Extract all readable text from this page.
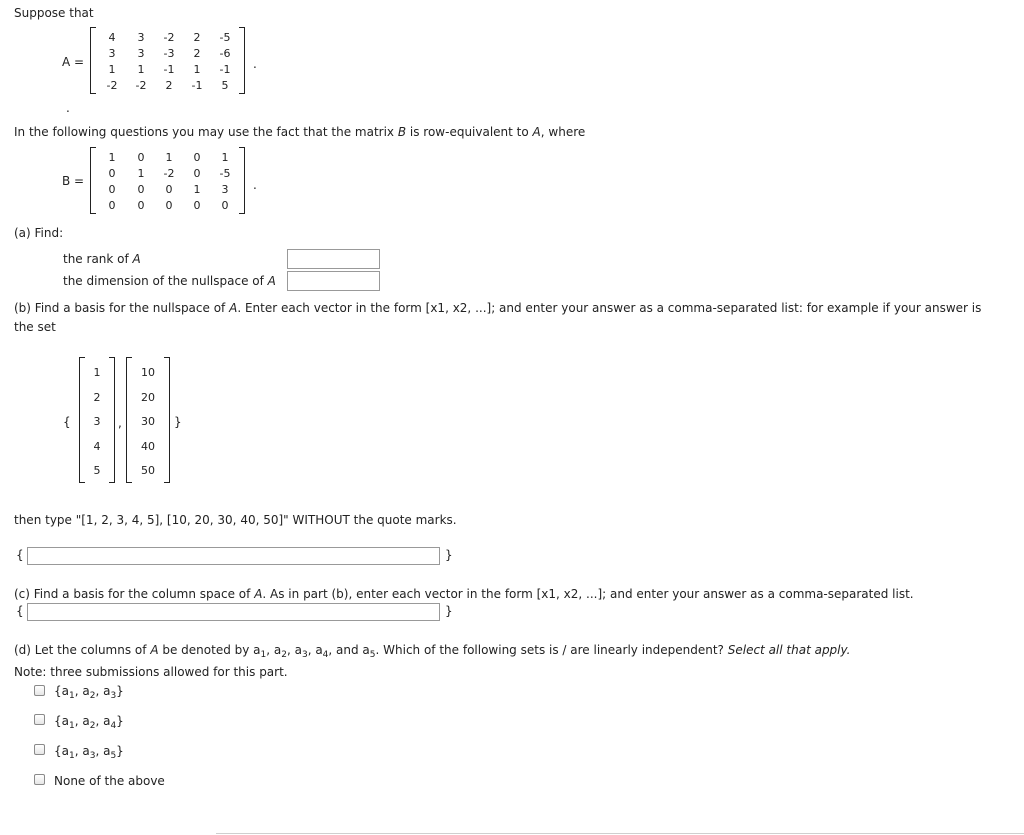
Suppose that
A =
4	3	-2	2	-5
3	3	-3	2	-6
1	1	-1	1	-1
-2	-2	2	-1	5
.
.
In the following questions you may use the fact that the matrix B is row-equivalent to A, where
B =
1	0	1	0	1
0	1	-2	0	-5
0	0	0	1	3
0	0	0	0	0
.
(a) Find:
the rank of A
the dimension of the nullspace of A
(b) Find a basis for the nullspace of A. Enter each vector in the form [x1, x2, ...]; and enter your answer as a comma-separated list: for example if your answer is
the set
{
1
2
3
4
5
,
10
20
30
40
50
}
then type "[1, 2, 3, 4, 5], [10, 20, 30, 40, 50]" WITHOUT the quote marks.
{	}
(c) Find a basis for the column space of A. As in part (b), enter each vector in the form [x1, x2, ...]; and enter your answer as a comma-separated list.
{	}
(d) Let the columns of A be denoted by $a_1$, $a_2$, $a_3$, $a_4$, and $a_5$. Which of the following sets is / are linearly independent? Select all that apply.
Note: three submissions allowed for this part.
{$a_1$, $a_2$, $a_3$}
{$a_1$, $a_2$, $a_4$}
{$a_1$, $a_3$, $a_5$}
None of the above
